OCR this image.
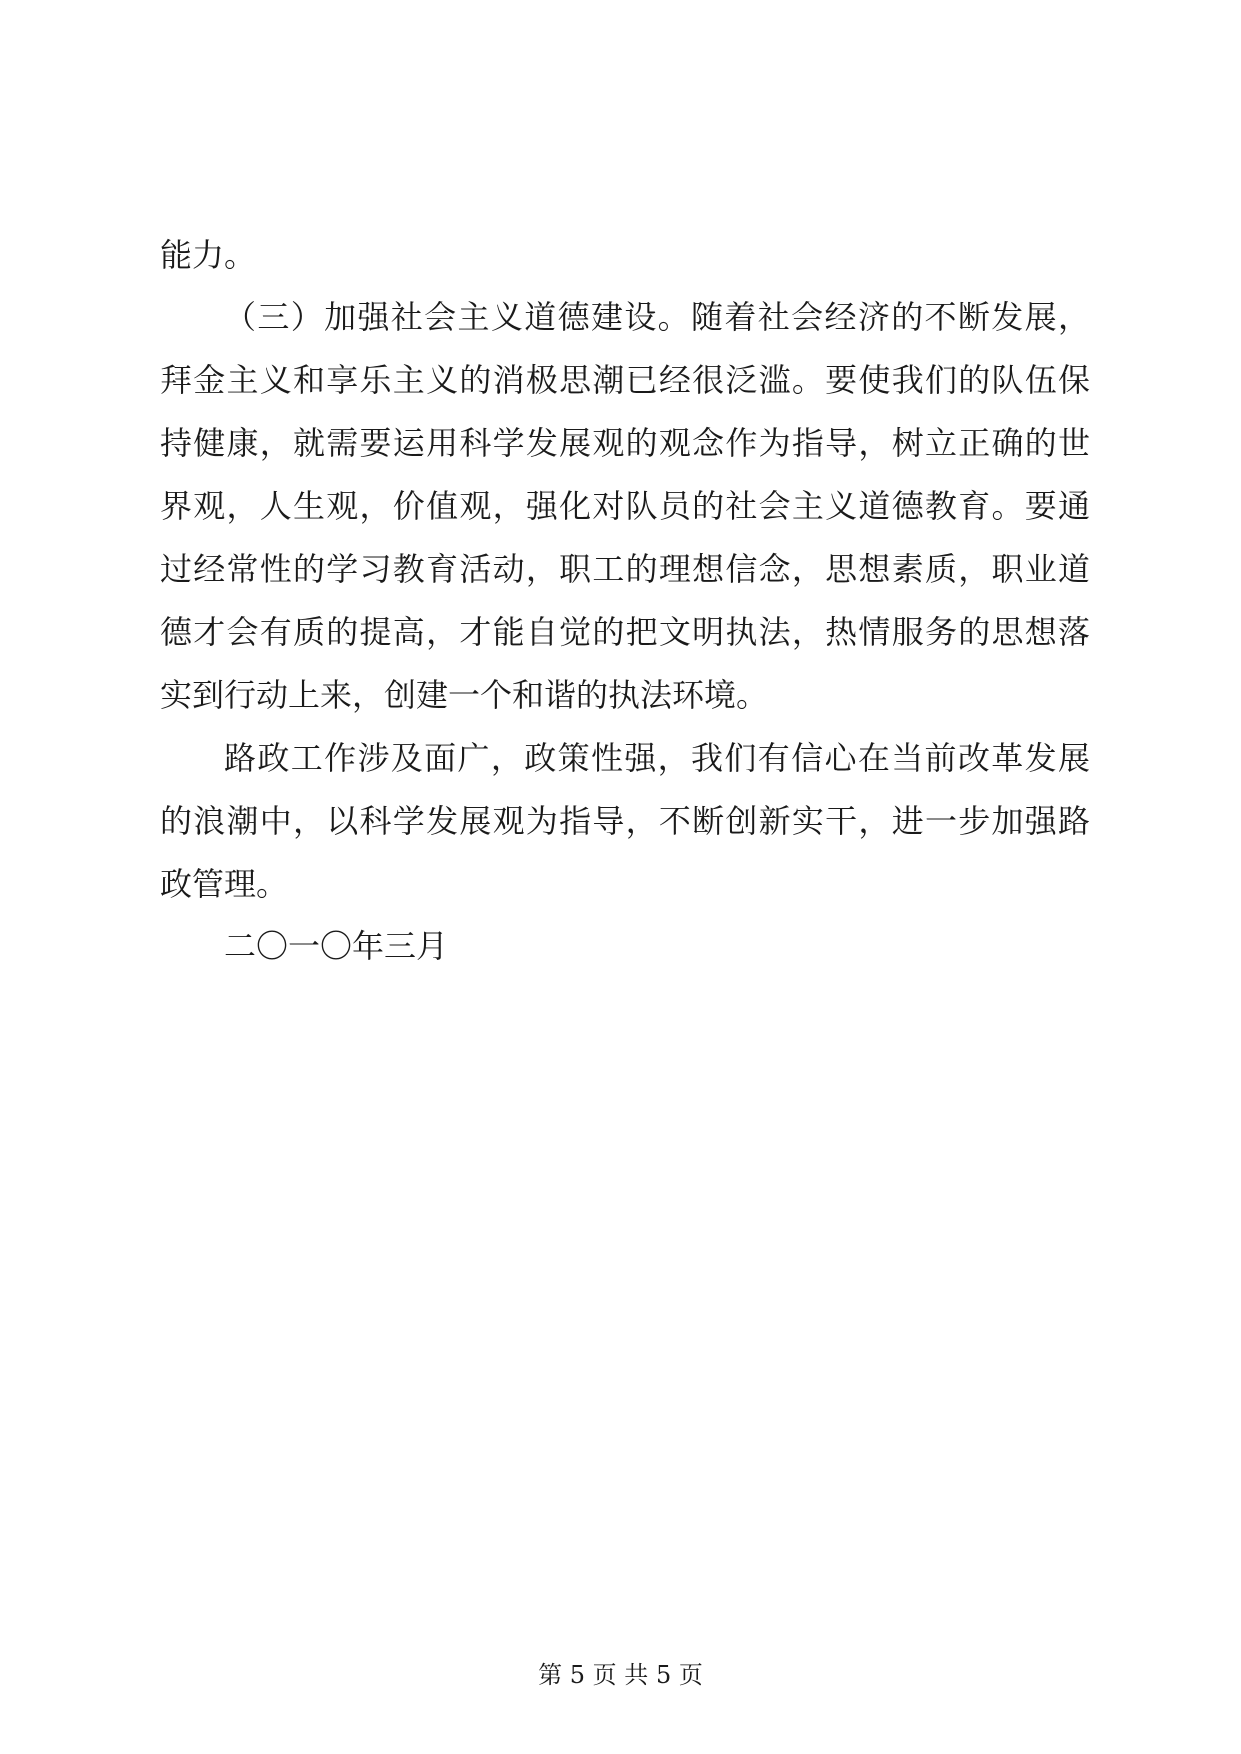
能力。
（三）加强社会主义道德建设。随着社会经济的不断发展，
拜金主义和享乐主义的消极思潮已经很泛滥。要使我们的队伍保
持健康，就需要运用科学发展观的观念作为指导，树立正确的世
界观，人生观，价值观，强化对队员的社会主义道德教育。要通
过经常性的学习教育活动，职工的理想信念，思想素质，职业道
德才会有质的提高，才能自觉的把文明执法，热情服务的思想落
实到行动上来，创建一个和谐的执法环境。
路政工作涉及面广，政策性强，我们有信心在当前改革发展
的浪潮中，以科学发展观为指导，不断创新实干，进一步加强路
政管理。
二〇一〇年三月
第 5 页 共 5 页
